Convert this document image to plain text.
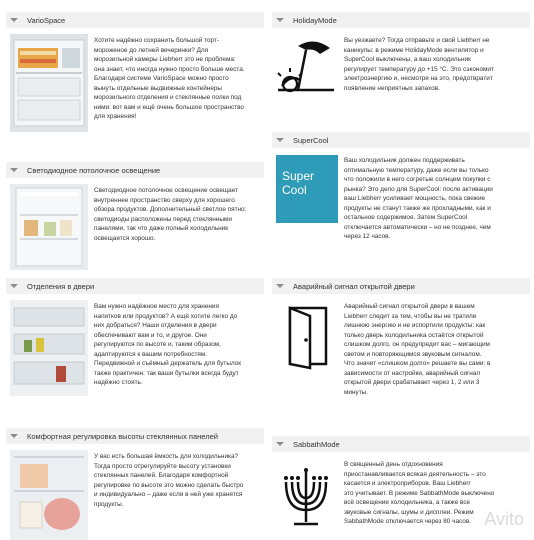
VarioSpace
Хотите надёжно сохранить большой торт-
мороженое до летней вечеринки? Для
морозильной камеры Liebherr это не проблема:
она знает, что иногда нужно просто больше места.
Благодаря системе VarioSpace можно просто
вынуть отдельные выдвижные контейнеры
морозильного отделения и стеклянные полки под
ними: вот вам и ещё очень большое пространство
для хранения!
HolidayMode
Вы уезжаете? Тогда отправьте и свой Liebherr не
каникулы: в режиме HolidayMode вентилятор и
SuperCool выключены, а ваш холодильник
регулирует температуру до +15 °C. Это сэкономит
электроэнергию и, несмотря на это, предотвратит
появление неприятных запахов.
SuperCool
Super
Cool
Ваш холодильник должен поддерживать
оптимальную температуру, даже если вы только
что положили в него согретые солнцем покупки с
рынка? Это дело для SuperCool: после активации
ваш Liebherr усиливает мощность, пока свежие
продукты не станут также же прохладными, как и
остальное содержимое. Затем SuperCool
отключается автоматически – но не позднее, чем
через 12 часов.
Светодиодное потолочное освещение
Светодиодное потолочное освещение освещает
внутреннее пространство сверху для хорошего
обзора продуктов. Дополнительный светлое пятно:
светодиоды расположены перед стеклянными
панелями, так что даже полный холодильник
освещается хорошо.
Отделения в двери
Вам нужно надёжное место для хранения
напитков или продуктов? А ещё хотите легко до
них добраться? Наши отделения в двери
обеспечивают вам и то, и другое. Они
регулируются по высоте и, таким образом,
адаптируются к вашим потребностям.
Передвижной и съёмный держатель для бутылок
также практичен: так ваши бутылки всегда будут
надёжно стоять.
Аварийный сигнал открытой двери
Аварийный сигнал открытой двери в вашем
Liebherr следит за тем, чтобы вы не тратили
лишнюю энергию и не испортили продукты: как
только дверь холодильника остаётся открытой
слишком долго, он предупредит вас – мигающим
светом и повторяющимся звуковым сигналом.
Что значит «слишком долго» решаете вы сами: в
зависимости от настройки, аварийный сигнал
открытой двери срабатывает через 1, 2 или 3
минуты.
Комфортная регулировка высоты стеклянных панелей
У вас есть большая ёмкость для холодильника?
Тогда просто отрегулируйте высоту установки
стеклянных панелей. Благодаря комфортной
регулировке по высоте это можно сделать быстро
и индивидуально – даже если в ней уже хранятся
продукты.
SabbathMode
В священный день отдохновения
приостанавливается всякая деятельность – это
касается и электроприборов. Ваш Liebherr
это учитывает. В режиме SabbathMode выключено
всё освещение холодильника, а также все
звуковые сигналы, шумы и дисплеи. Режим
SabbathMode отключается через 80 часов. Avito
